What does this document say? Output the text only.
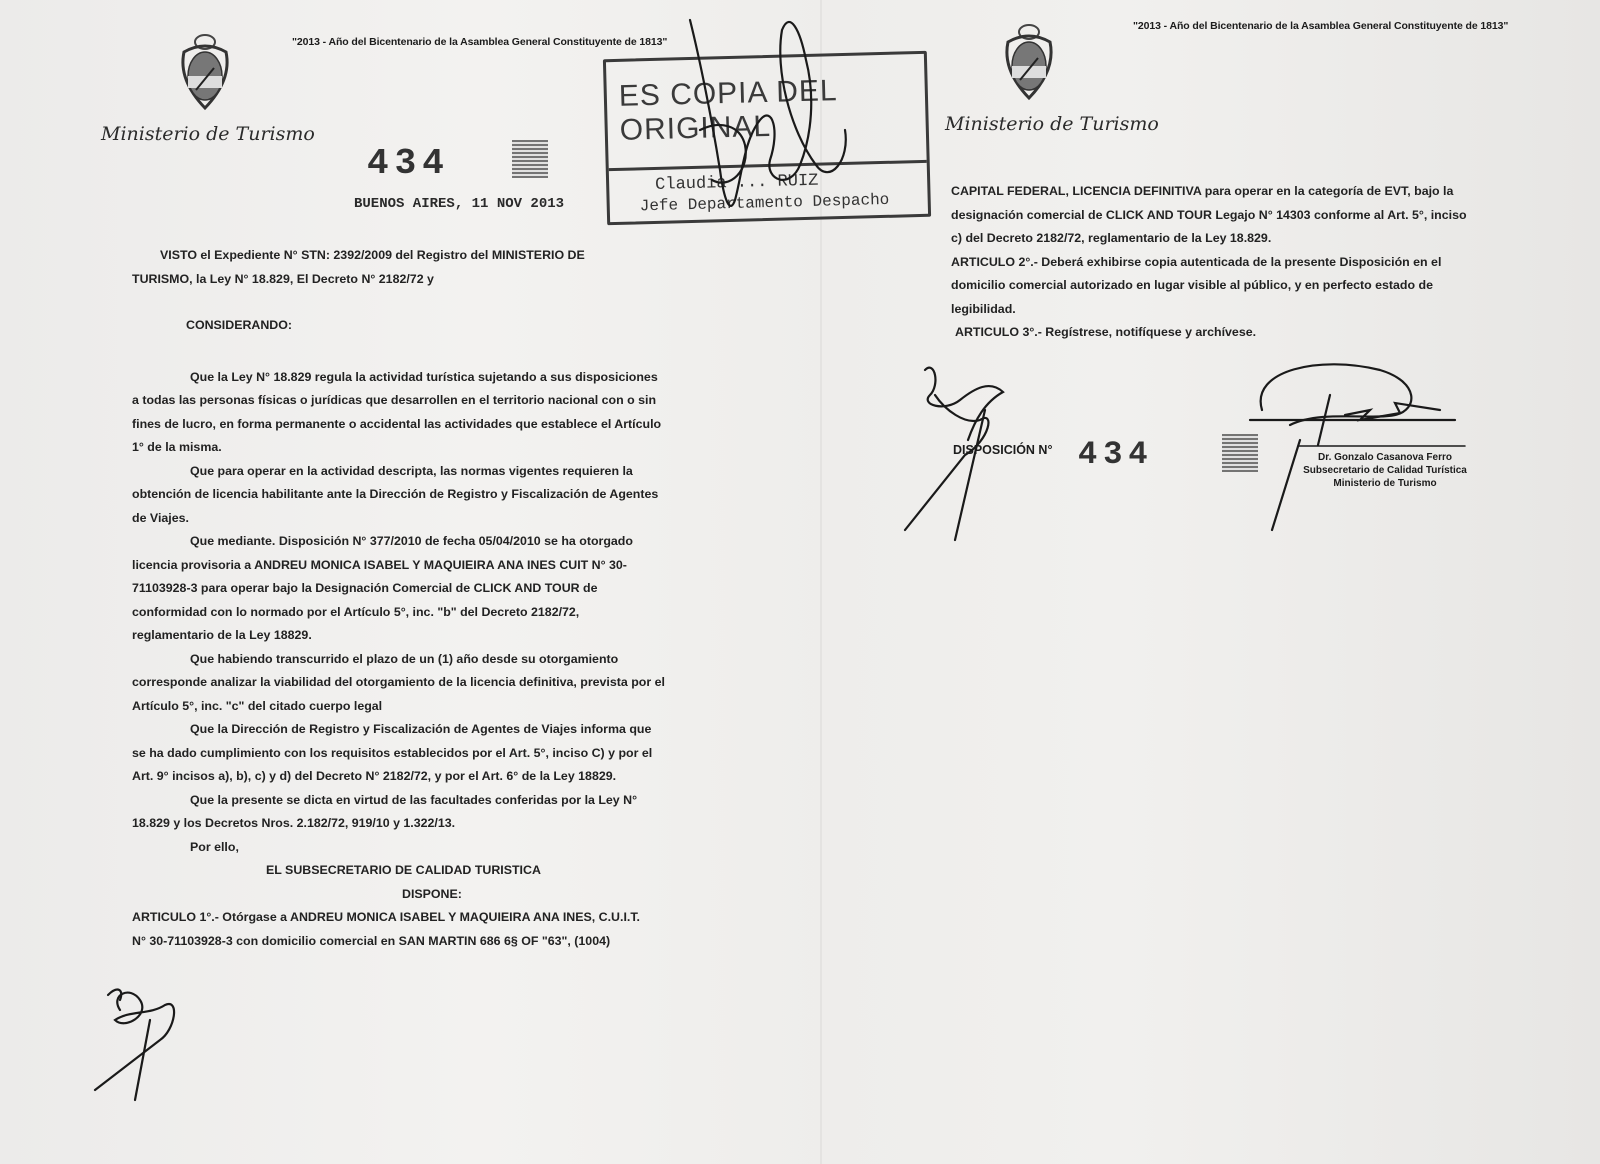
"2013 - Año del Bicentenario de la Asamblea General Constituyente de 1813"
Ministerio de Turismo
434
BUENOS AIRES, 11 NOV 2013
ES COPIA DEL ORIGINAL
Claudia ... RUIZ
Jefe Departamento Despacho
VISTO el Expediente N° STN: 2392/2009 del Registro del MINISTERIO DE
TURISMO, la Ley N° 18.829, El Decreto N° 2182/72 y
CONSIDERANDO:
Que la Ley N° 18.829 regula la actividad turística sujetando a sus disposiciones
a todas las personas físicas o jurídicas que desarrollen en el territorio nacional con o sin
fines de lucro, en forma permanente o accidental las actividades que establece el Artículo
1° de la misma.
Que para operar en la actividad descripta, las normas vigentes requieren la
obtención de licencia habilitante ante la Dirección de Registro y Fiscalización de Agentes
de Viajes.
Que mediante. Disposición N° 377/2010 de fecha 05/04/2010 se ha otorgado
licencia provisoria a ANDREU MONICA ISABEL Y MAQUIEIRA ANA INES CUIT N° 30-
71103928-3 para operar bajo la Designación Comercial de CLICK AND TOUR de
conformidad con lo normado por el Artículo 5°, inc. "b" del Decreto 2182/72,
reglamentario de la Ley 18829.
Que habiendo transcurrido el plazo de un (1) año desde su otorgamiento
corresponde analizar la viabilidad del otorgamiento de la licencia definitiva, prevista por el
Artículo 5°, inc. "c" del citado cuerpo legal
Que la Dirección de Registro y Fiscalización de Agentes de Viajes informa que
se ha dado cumplimiento con los requisitos establecidos por el Art. 5°, inciso C) y por el
Art. 9° incisos a), b), c) y d) del Decreto N° 2182/72, y por el Art. 6° de la Ley 18829.
Que la presente se dicta en virtud de las facultades conferidas por la Ley N°
18.829 y los Decretos Nros. 2.182/72, 919/10 y 1.322/13.
Por ello,
EL SUBSECRETARIO DE CALIDAD TURISTICA
DISPONE:
ARTICULO 1°.- Otórgase a ANDREU MONICA ISABEL Y MAQUIEIRA ANA INES, C.U.I.T.
N° 30-71103928-3 con domicilio comercial en SAN MARTIN 686 6§ OF "63", (1004)
"2013 - Año del Bicentenario de la Asamblea General Constituyente de 1813"
Ministerio de Turismo
CAPITAL FEDERAL, LICENCIA DEFINITIVA para operar en la categoría de EVT, bajo la
designación comercial de CLICK AND TOUR Legajo N° 14303 conforme al Art. 5°, inciso
c) del Decreto 2182/72, reglamentario de la Ley 18.829.
ARTICULO 2°.- Deberá exhibirse copia autenticada de la presente Disposición en el
domicilio comercial autorizado en lugar visible al público, y en perfecto estado de
legibilidad.
ARTICULO 3°.- Regístrese, notifíquese y archívese.
DISPOSICIÓN N° 434	Dr. Gonzalo Casanova Ferro
Subsecretario de Calidad Turística
Ministerio de Turismo
